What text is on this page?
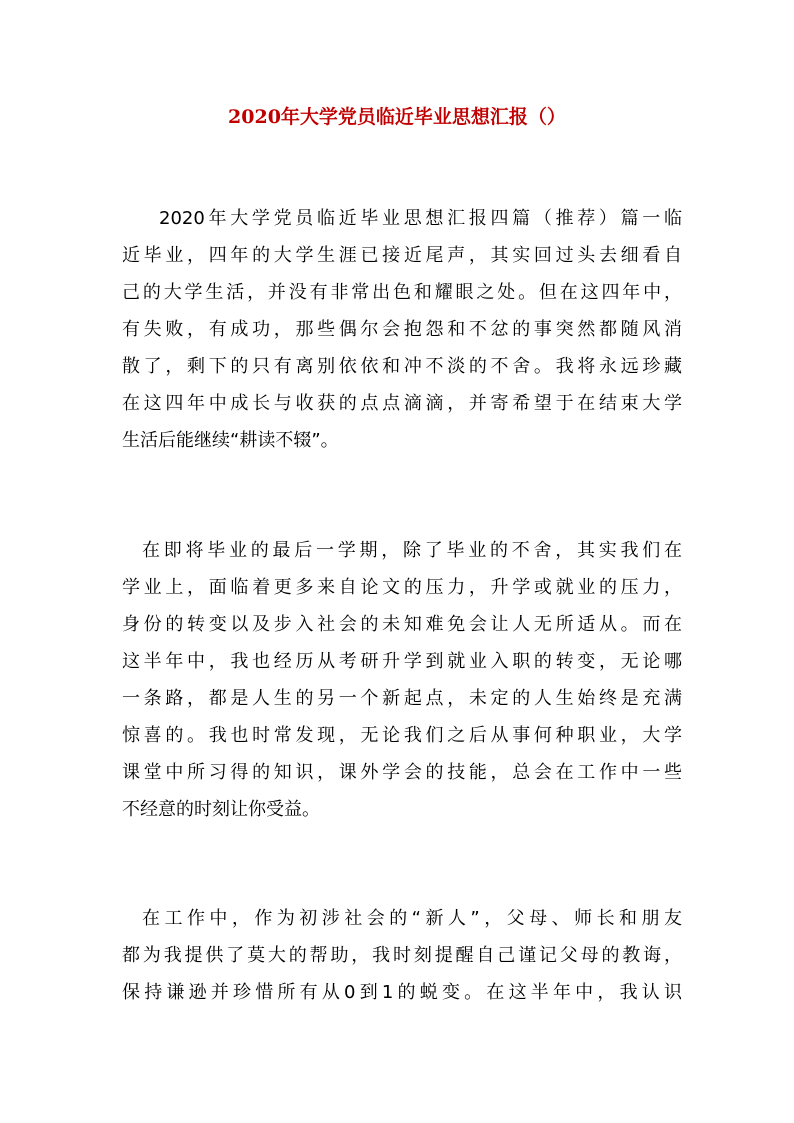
2020年大学党员临近毕业思想汇报（）
2020年大学党员临近毕业思想汇报四篇（推荐）篇一临
近毕业，四年的大学生涯已接近尾声，其实回过头去细看自
己的大学生活，并没有非常出色和耀眼之处。但在这四年中，
有失败，有成功，那些偶尔会抱怨和不忿的事突然都随风消
散了，剩下的只有离别依依和冲不淡的不舍。我将永远珍藏
在这四年中成长与收获的点点滴滴，并寄希望于在结束大学
生活后能继续“耕读不辍”。
在即将毕业的最后一学期，除了毕业的不舍，其实我们在
学业上，面临着更多来自论文的压力，升学或就业的压力，
身份的转变以及步入社会的未知难免会让人无所适从。而在
这半年中，我也经历从考研升学到就业入职的转变，无论哪
一条路，都是人生的另一个新起点，未定的人生始终是充满
惊喜的。我也时常发现，无论我们之后从事何种职业，大学
课堂中所习得的知识，课外学会的技能，总会在工作中一些
不经意的时刻让你受益。
在工作中，作为初涉社会的“新人”，父母、师长和朋友
都为我提供了莫大的帮助，我时刻提醒自己谨记父母的教诲，
保持谦逊并珍惜所有从0到1的蜕变。在这半年中，我认识
